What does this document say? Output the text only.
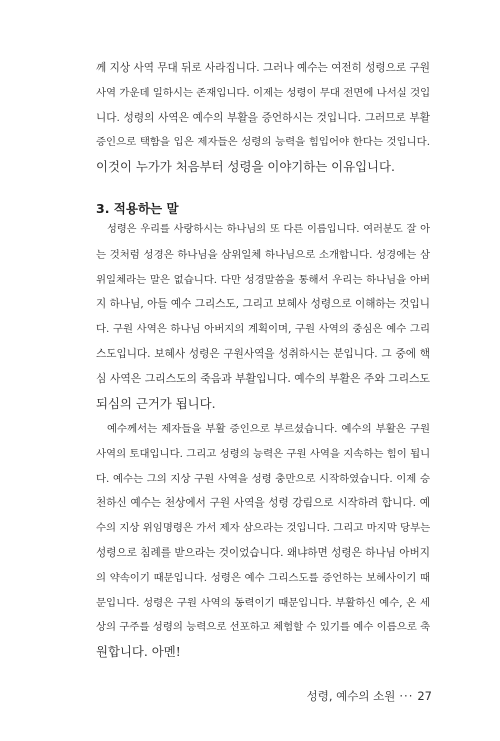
께 지상 사역 무대 뒤로 사라집니다. 그러나 예수는 여전히 성령으로 구원
사역 가운데 일하시는 존재입니다. 이제는 성령이 무대 전면에 나서실 것입
니다. 성령의 사역은 예수의 부활을 증언하시는 것입니다. 그러므로 부활
증인으로 택함을 입은 제자들은 성령의 능력을 힘입어야 한다는 것입니다.
이것이 누가가 처음부터 성령을 이야기하는 이유입니다.
3. 적용하는 말
성령은 우리를 사랑하시는 하나님의 또 다른 이름입니다. 여러분도 잘 아
는 것처럼 성경은 하나님을 삼위일체 하나님으로 소개합니다. 성경에는 삼
위일체라는 말은 없습니다. 다만 성경말씀을 통해서 우리는 하나님을 아버
지 하나님, 아들 예수 그리스도, 그리고 보혜사 성령으로 이해하는 것입니
다. 구원 사역은 하나님 아버지의 계획이며, 구원 사역의 중심은 예수 그리
스도입니다. 보혜사 성령은 구원사역을 성취하시는 분입니다. 그 중에 핵
심 사역은 그리스도의 죽음과 부활입니다. 예수의 부활은 주와 그리스도
되심의 근거가 됩니다.
예수께서는 제자들을 부활 증인으로 부르셨습니다. 예수의 부활은 구원
사역의 토대입니다. 그리고 성령의 능력은 구원 사역을 지속하는 힘이 됩니
다. 예수는 그의 지상 구원 사역을 성령 충만으로 시작하였습니다. 이제 승
천하신 예수는 천상에서 구원 사역을 성령 강림으로 시작하려 합니다. 예
수의 지상 위임명령은 가서 제자 삼으라는 것입니다. 그리고 마지막 당부는
성령으로 침례를 받으라는 것이었습니다. 왜냐하면 성령은 하나님 아버지
의 약속이기 때문입니다. 성령은 예수 그리스도를 증언하는 보혜사이기 때
문입니다. 성령은 구원 사역의 동력이기 때문입니다. 부활하신 예수, 온 세
상의 구주를 성령의 능력으로 선포하고 체험할 수 있기를 예수 이름으로 축
원합니다. 아멘!
성령, 예수의 소원 ··· 27
